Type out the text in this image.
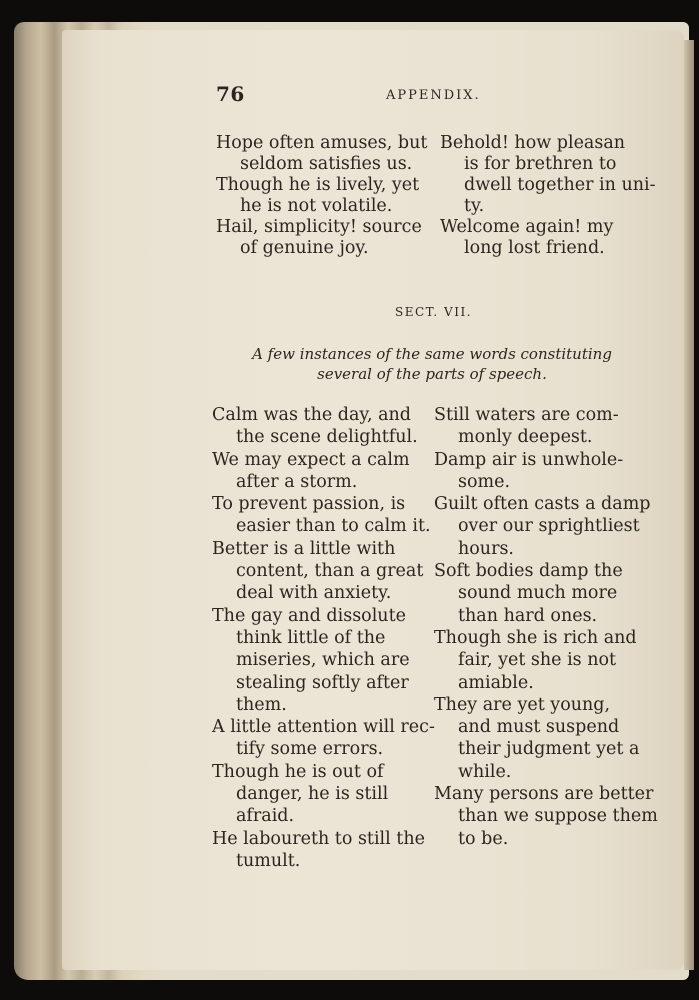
76	APPENDIX.
Hope often amuses, but
seldom satisfies us.
Though he is lively, yet
he is not volatile.
Hail, simplicity! source
of genuine joy.
Behold! how pleasan
is for brethren to
dwell together in uni-
ty.
Welcome again! my
long lost friend.
SECT. VII.
A few instances of the same words constituting
several of the parts of speech.
Calm was the day, and
the scene delightful.
We may expect a calm
after a storm.
To prevent passion, is
easier than to calm it.
Better is a little with
content, than a great
deal with anxiety.
The gay and dissolute
think little of the
miseries, which are
stealing softly after
them.
A little attention will rec-
tify some errors.
Though he is out of
danger, he is still
afraid.
He laboureth to still the
tumult.
Still waters are com-
monly deepest.
Damp air is unwhole-
some.
Guilt often casts a damp
over our sprightliest
hours.
Soft bodies damp the
sound much more
than hard ones.
Though she is rich and
fair, yet she is not
amiable.
They are yet young,
and must suspend
their judgment yet a
while.
Many persons are better
than we suppose them
to be.
